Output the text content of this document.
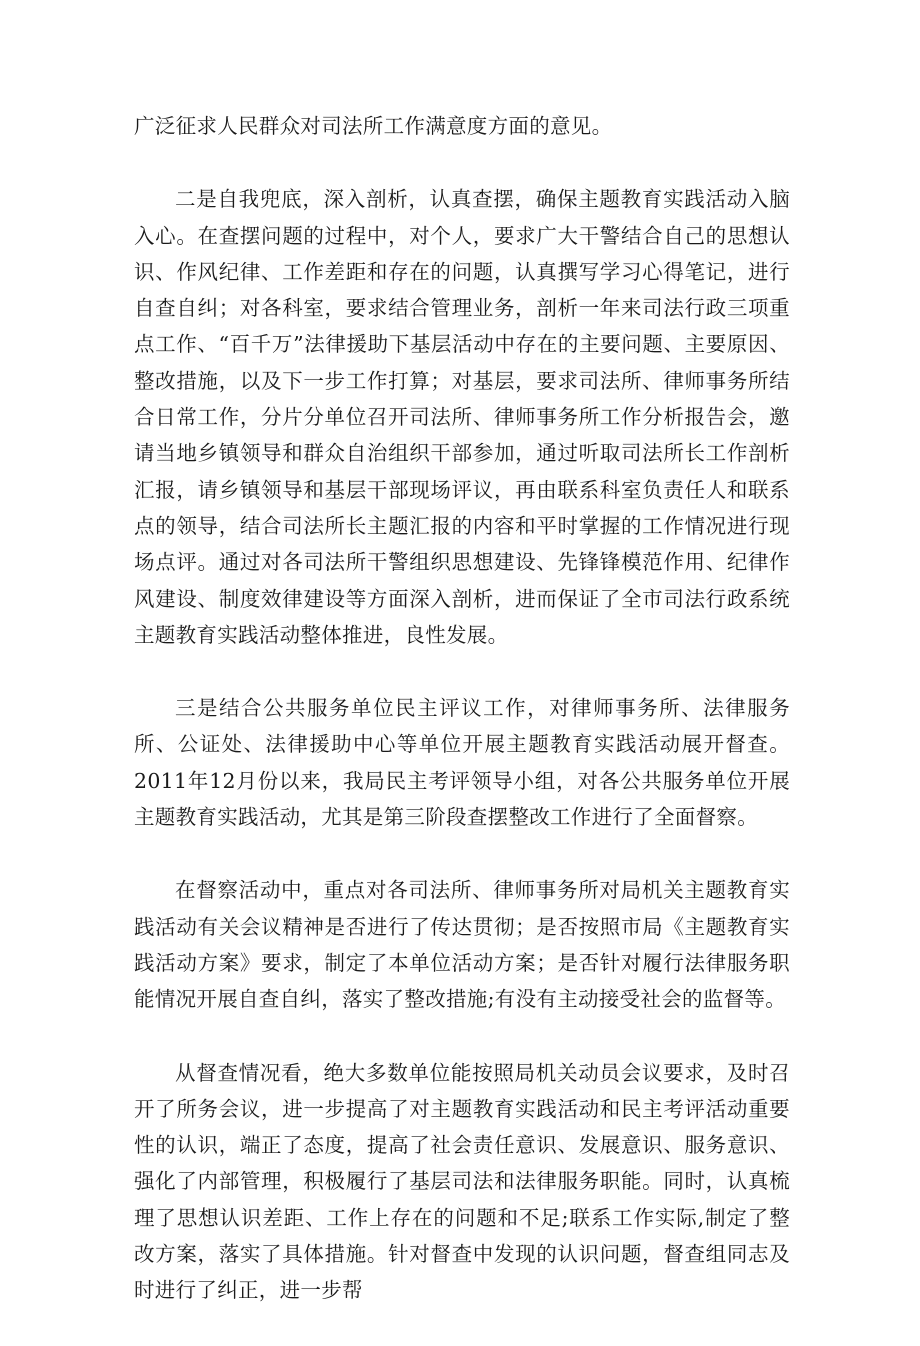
广泛征求人民群众对司法所工作满意度方面的意见。

二是自我兜底，深入剖析，认真查摆，确保主题教育实践活动入脑入心。在查摆问题的过程中，对个人，要求广大干警结合自己的思想认识、作风纪律、工作差距和存在的问题，认真撰写学习心得笔记，进行自查自纠；对各科室，要求结合管理业务，剖析一年来司法行政三项重点工作、“百千万”法律援助下基层活动中存在的主要问题、主要原因、整改措施，以及下一步工作打算；对基层，要求司法所、律师事务所结合日常工作，分片分单位召开司法所、律师事务所工作分析报告会，邀请当地乡镇领导和群众自治组织干部参加，通过听取司法所长工作剖析汇报，请乡镇领导和基层干部现场评议，再由联系科室负责任人和联系点的领导，结合司法所长主题汇报的内容和平时掌握的工作情况进行现场点评。通过对各司法所干警组织思想建设、先锋锋模范作用、纪律作风建设、制度效律建设等方面深入剖析，进而保证了全市司法行政系统主题教育实践活动整体推进，良性发展。

三是结合公共服务单位民主评议工作，对律师事务所、法律服务所、公证处、法律援助中心等单位开展主题教育实践活动展开督查。2011年12月份以来，我局民主考评领导小组，对各公共服务单位开展主题教育实践活动，尤其是第三阶段查摆整改工作进行了全面督察。

在督察活动中，重点对各司法所、律师事务所对局机关主题教育实践活动有关会议精神是否进行了传达贯彻；是否按照市局《主题教育实践活动方案》要求，制定了本单位活动方案；是否针对履行法律服务职能情况开展自查自纠，落实了整改措施;有没有主动接受社会的监督等。

从督查情况看，绝大多数单位能按照局机关动员会议要求，及时召开了所务会议，进一步提高了对主题教育实践活动和民主考评活动重要性的认识，端正了态度，提高了社会责任意识、发展意识、服务意识、强化了内部管理，积极履行了基层司法和法律服务职能。同时，认真梳理了思想认识差距、工作上存在的问题和不足;联系工作实际,制定了整改方案，落实了具体措施。针对督查中发现的认识问题，督查组同志及时进行了纠正，进一步帮
